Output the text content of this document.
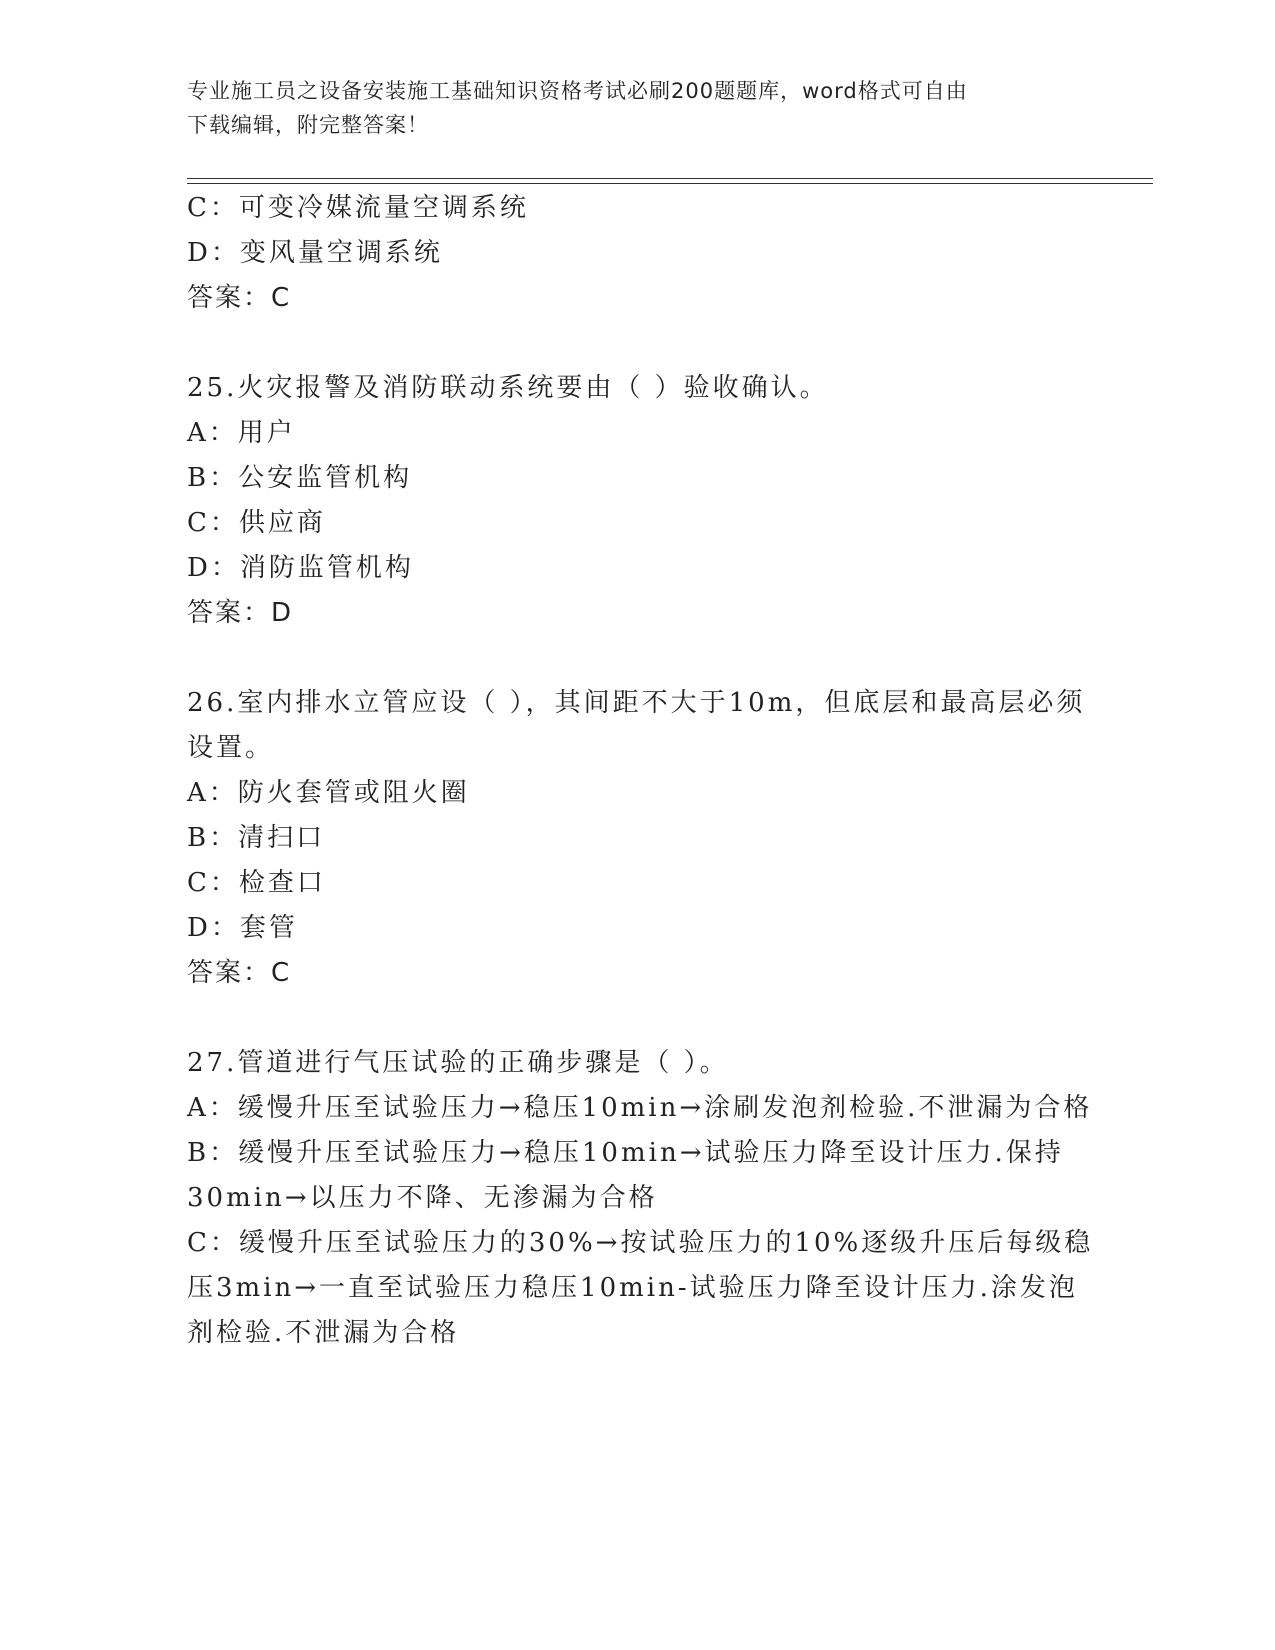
专业施工员之设备安装施工基础知识资格考试必刷200题题库，word格式可自由
下载编辑，附完整答案！
C：可变冷媒流量空调系统
D：变风量空调系统
答案：C
25.火灾报警及消防联动系统要由（ ）验收确认。
A：用户
B：公安监管机构
C：供应商
D：消防监管机构
答案：D
26.室内排水立管应设（ ），其间距不大于10m，但底层和最高层必须
设置。
A：防火套管或阻火圈
B：清扫口
C：检查口
D：套管
答案：C
27.管道进行气压试验的正确步骤是（ ）。
A：缓慢升压至试验压力→稳压10min→涂刷发泡剂检验.不泄漏为合格
B：缓慢升压至试验压力→稳压10min→试验压力降至设计压力.保持
30min→以压力不降、无渗漏为合格
C：缓慢升压至试验压力的30%→按试验压力的10%逐级升压后每级稳
压3min→一直至试验压力稳压10min-试验压力降至设计压力.涂发泡
剂检验.不泄漏为合格
